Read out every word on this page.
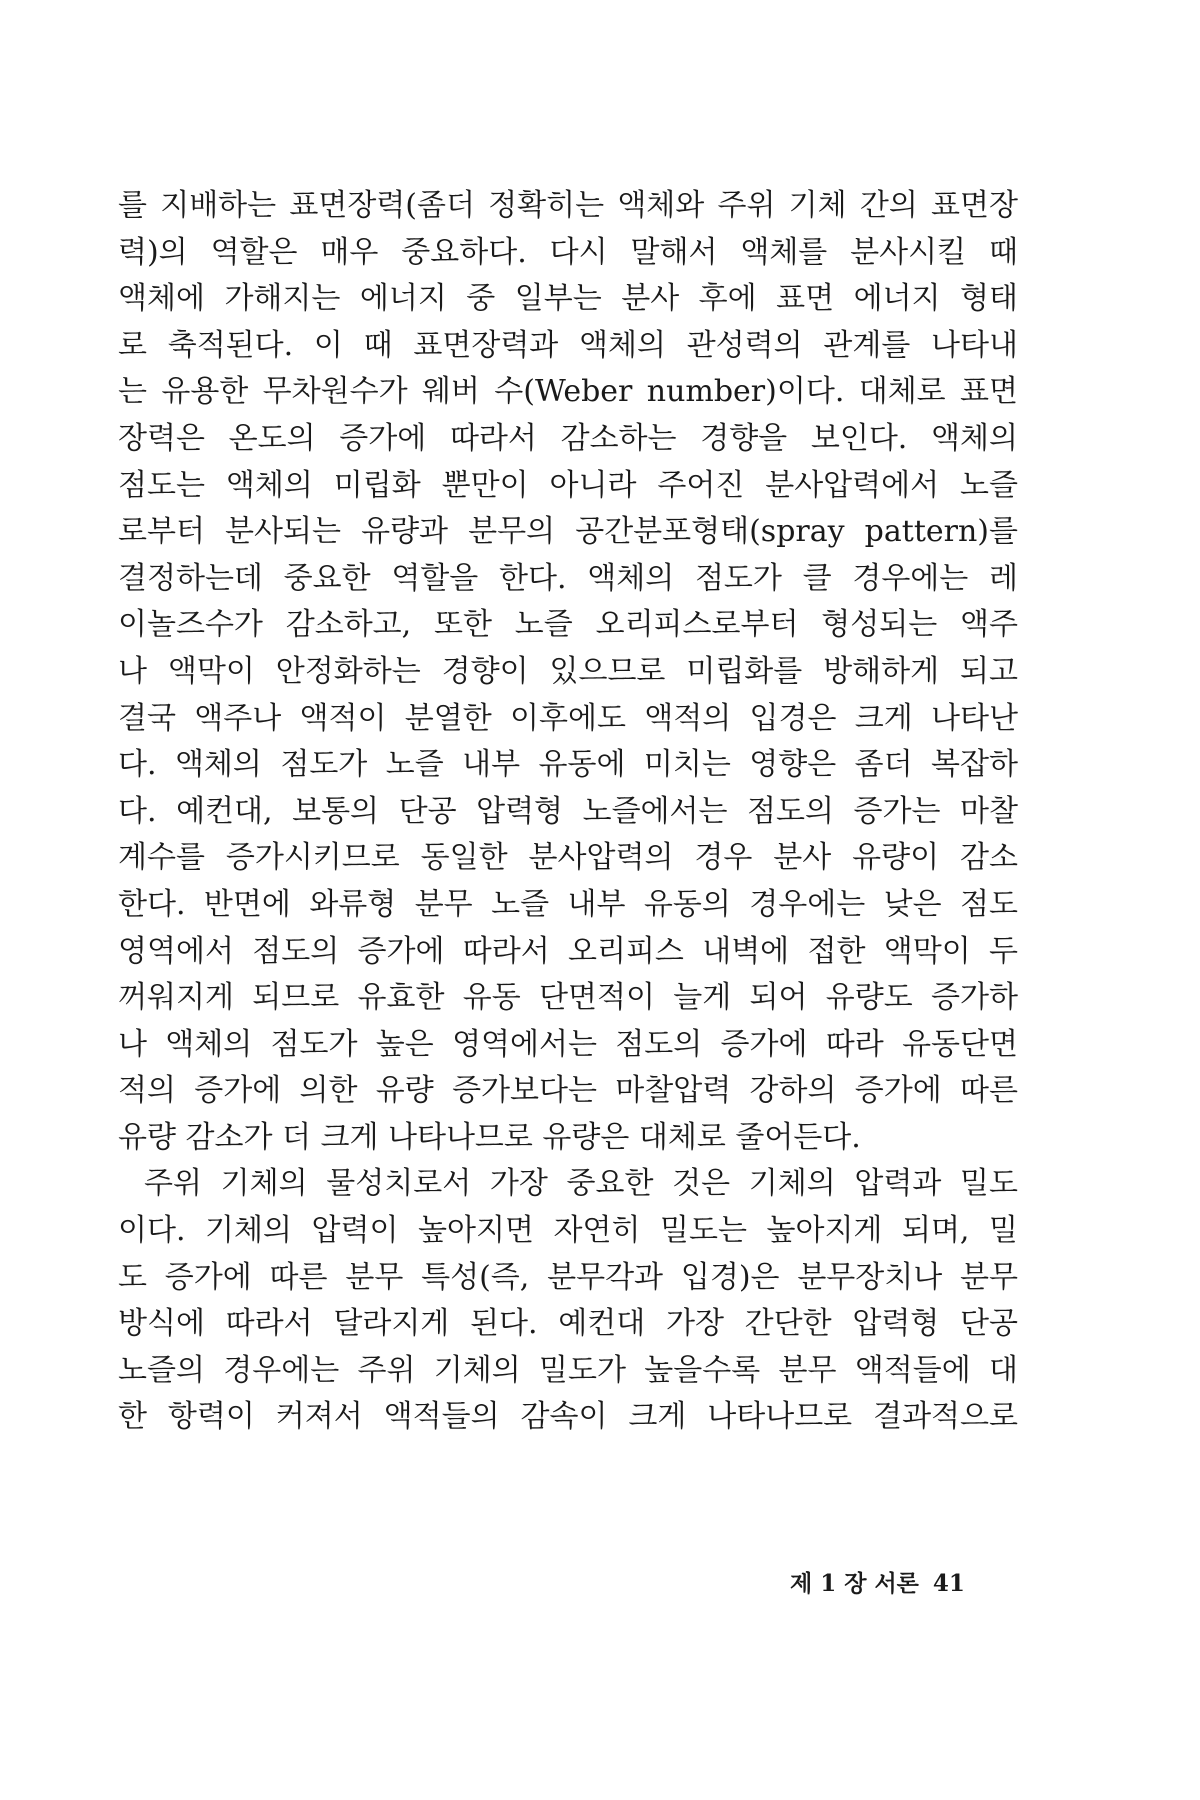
를 지배하는 표면장력(좀더 정확히는 액체와 주위 기체 간의 표면장
력)의 역할은 매우 중요하다. 다시 말해서 액체를 분사시킬 때
액체에 가해지는 에너지 중 일부는 분사 후에 표면 에너지 형태
로 축적된다. 이 때 표면장력과 액체의 관성력의 관계를 나타내
는 유용한 무차원수가 웨버 수(Weber number)이다. 대체로 표면
장력은 온도의 증가에 따라서 감소하는 경향을 보인다. 액체의
점도는 액체의 미립화 뿐만이 아니라 주어진 분사압력에서 노즐
로부터 분사되는 유량과 분무의 공간분포형태(spray pattern)를
결정하는데 중요한 역할을 한다. 액체의 점도가 클 경우에는 레
이놀즈수가 감소하고, 또한 노즐 오리피스로부터 형성되는 액주
나 액막이 안정화하는 경향이 있으므로 미립화를 방해하게 되고
결국 액주나 액적이 분열한 이후에도 액적의 입경은 크게 나타난
다. 액체의 점도가 노즐 내부 유동에 미치는 영향은 좀더 복잡하
다. 예컨대, 보통의 단공 압력형 노즐에서는 점도의 증가는 마찰
계수를 증가시키므로 동일한 분사압력의 경우 분사 유량이 감소
한다. 반면에 와류형 분무 노즐 내부 유동의 경우에는 낮은 점도
영역에서 점도의 증가에 따라서 오리피스 내벽에 접한 액막이 두
꺼워지게 되므로 유효한 유동 단면적이 늘게 되어 유량도 증가하
나 액체의 점도가 높은 영역에서는 점도의 증가에 따라 유동단면
적의 증가에 의한 유량 증가보다는 마찰압력 강하의 증가에 따른
유량 감소가 더 크게 나타나므로 유량은 대체로 줄어든다.
주위 기체의 물성치로서 가장 중요한 것은 기체의 압력과 밀도
이다. 기체의 압력이 높아지면 자연히 밀도는 높아지게 되며, 밀
도 증가에 따른 분무 특성(즉, 분무각과 입경)은 분무장치나 분무
방식에 따라서 달라지게 된다. 예컨대 가장 간단한 압력형 단공
노즐의 경우에는 주위 기체의 밀도가 높을수록 분무 액적들에 대
한 항력이 커져서 액적들의 감속이 크게 나타나므로 결과적으로
제 1 장 서론 41
